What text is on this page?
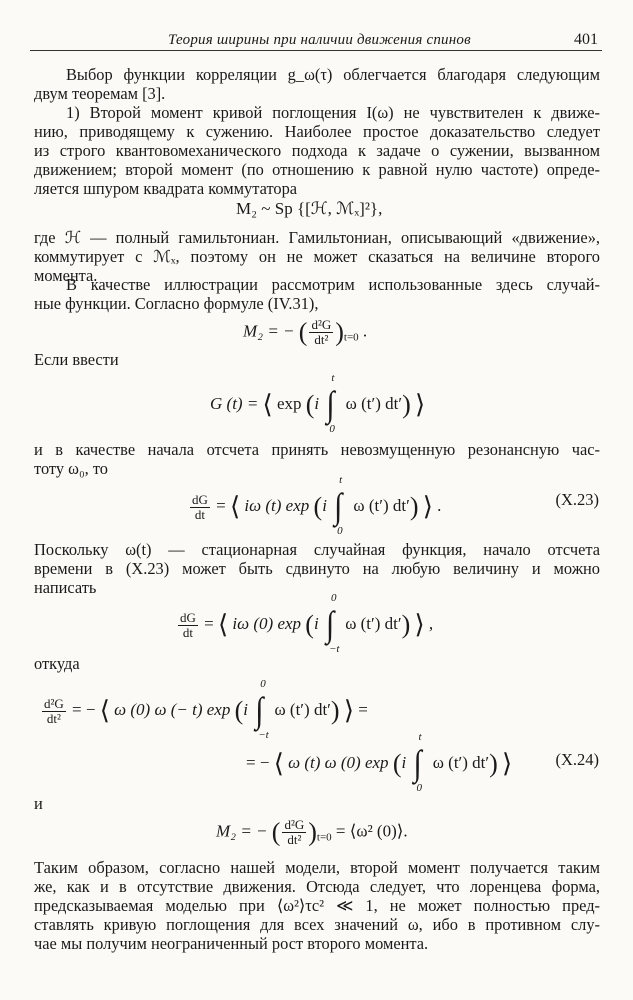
Теория ширины при наличии движения спинов	401
Выбор функции корреляции g_ω(τ) облегчается благодаря следующим
двум теоремам [3].
1) Второй момент кривой поглощения I(ω) не чувствителен к движе-
нию, приводящему к сужению. Наиболее простое доказательство следует
из строго квантовомеханического подхода к задаче о сужении, вызванном
движением; второй момент (по отношению к равной нулю частоте) опреде-
ляется шпуром квадрата коммутатора
M₂ ~ Sp {[ℋ, ℳₓ]²},
где ℋ — полный гамильтониан. Гамильтониан, описывающий «движение»,
коммутирует с ℳₓ, поэтому он не может сказаться на величине второго
момента.
В качестве иллюстрации рассмотрим использованные здесь случай-
ные функции. Согласно формуле (IV.31),
M₂ = − ( $\frac{\text{d²G}}{\text{dt²}} )_{t=0}$ .
Если ввести
G (t) = ⟨ exp (i ∫
t
0
ω (t′) dt′) ⟩
и в качестве начала отсчета принять невозмущенную резонансную час-
тоту ω₀, то
$\frac{dG}{dt}$ = ⟨ iω (t) exp (i ∫
t
0
ω (t′) dt′) ⟩ .	(X.23)
Поскольку ω(t) — стационарная случайная функция, начало отсчета
времени в (X.23) может быть сдвинуто на любую величину и можно
написать
$\frac{dG}{dt}$ = ⟨ iω (0) exp (i ∫
0
−t
ω (t′) dt′) ⟩ ,
откуда
$\frac{\text{d²G}}{\text{dt²}}$ = − ⟨ ω (0) ω (− t) exp (i ∫
0
−t
ω (t′) dt′) ⟩ =
= − ⟨ ω (t) ω (0) exp (i ∫
t
0
ω (t′) dt′) ⟩	(X.24)
и
M₂ = − ( $\frac{\text{d²G}}{\text{dt²}} )_{t=0}$ = ⟨ω² (0)⟩.
Таким образом, согласно нашей модели, второй момент получается таким
же, как и в отсутствие движения. Отсюда следует, что лоренцева форма,
предсказываемая моделью при ⟨ω²⟩τc² ≪ 1, не может полностью пред-
ставлять кривую поглощения для всех значений ω, ибо в противном слу-
чае мы получим неограниченный рост второго момента.
